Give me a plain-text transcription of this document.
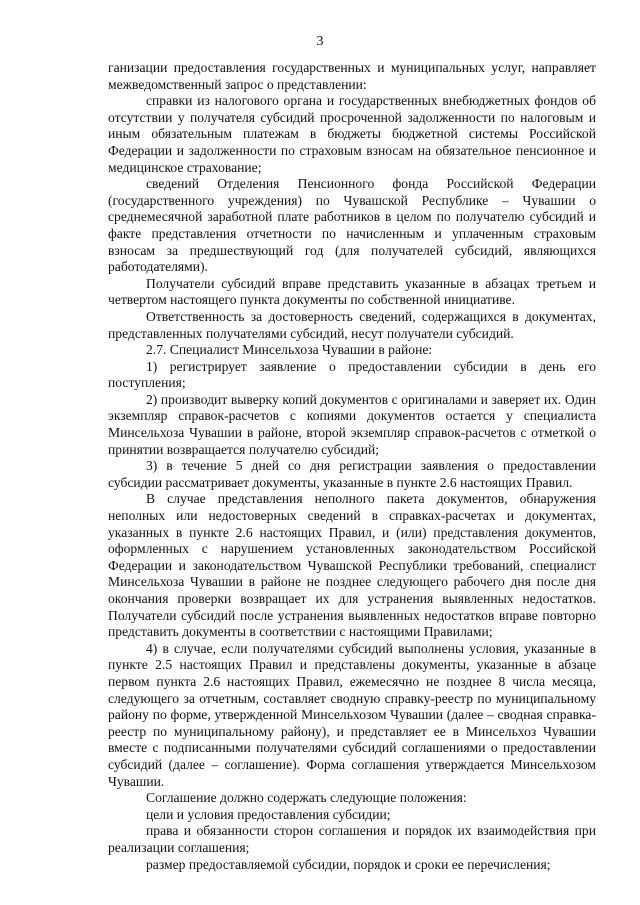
3

ганизации предоставления государственных и муниципальных услуг, направляет межведомственный запрос о представлении:

справки из налогового органа и государственных внебюджетных фондов об отсутствии у получателя субсидий просроченной задолженности по налоговым и иным обязательным платежам в бюджеты бюджетной системы Российской Федерации и задолженности по страховым взносам на обязательное пенсионное и медицинское страхование;

сведений Отделения Пенсионного фонда Российской Федерации (государственного учреждения) по Чувашской Республике – Чувашии о среднемесячной заработной плате работников в целом по получателю субсидий и факте представления отчетности по начисленным и уплаченным страховым взносам за предшествующий год (для получателей субсидий, являющихся работодателями).

Получатели субсидий вправе представить указанные в абзацах третьем и четвертом настоящего пункта документы по собственной инициативе.

Ответственность за достоверность сведений, содержащихся в документах, представленных получателями субсидий, несут получатели субсидий.

2.7. Специалист Минсельхоза Чувашии в районе:

1) регистрирует заявление о предоставлении субсидии в день его поступления;

2) производит выверку копий документов с оригиналами и заверяет их. Один экземпляр справок-расчетов с копиями документов остается у специалиста Минсельхоза Чувашии в районе, второй экземпляр справок-расчетов с отметкой о принятии возвращается получателю субсидий;

3) в течение 5 дней со дня регистрации заявления о предоставлении субсидии рассматривает документы, указанные в пункте 2.6 настоящих Правил.

В случае представления неполного пакета документов, обнаружения неполных или недостоверных сведений в справках-расчетах и документах, указанных в пункте 2.6 настоящих Правил, и (или) представления документов, оформленных с нарушением установленных законодательством Российской Федерации и законодательством Чувашской Республики требований, специалист Минсельхоза Чувашии в районе не позднее следующего рабочего дня после дня окончания проверки возвращает их для устранения выявленных недостатков. Получатели субсидий после устранения выявленных недостатков вправе повторно представить документы в соответствии с настоящими Правилами;

4) в случае, если получателями субсидий выполнены условия, указанные в пункте 2.5 настоящих Правил и представлены документы, указанные в абзаце первом пункта 2.6 настоящих Правил, ежемесячно не позднее 8 числа месяца, следующего за отчетным, составляет сводную справку-реестр по муниципальному району по форме, утвержденной Минсельхозом Чувашии (далее – сводная справка-реестр по муниципальному району), и представляет ее в Минсельхоз Чувашии вместе с подписанными получателями субсидий соглашениями о предоставлении субсидий (далее – соглашение). Форма соглашения утверждается Минсельхозом Чувашии.

Соглашение должно содержать следующие положения:

цели и условия предоставления субсидии;

права и обязанности сторон соглашения и порядок их взаимодействия при реализации соглашения;

размер предоставляемой субсидии, порядок и сроки ее перечисления;
